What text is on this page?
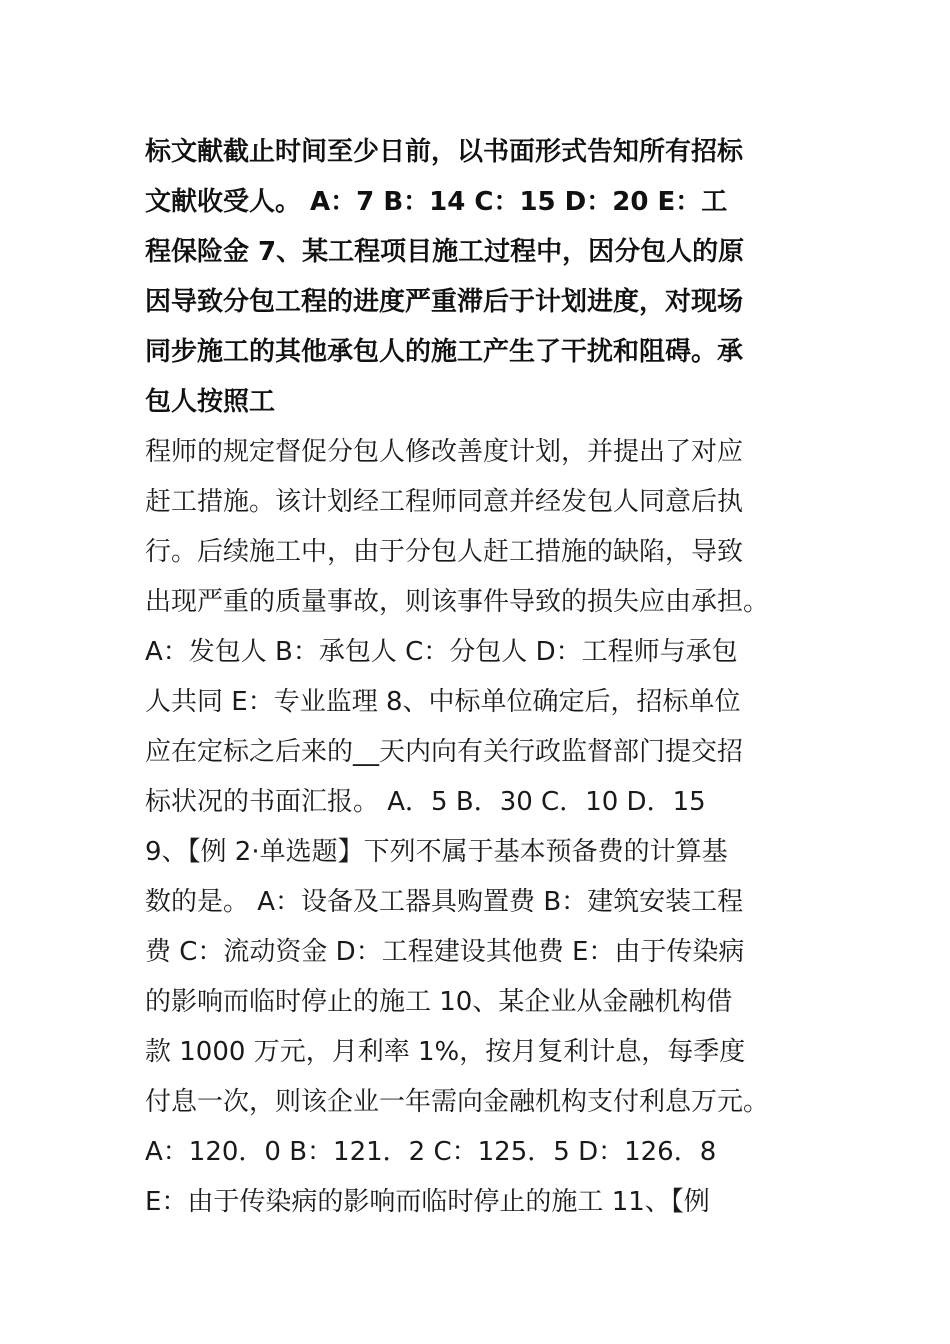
标文献截止时间至少日前，以书面形式告知所有招标
文献收受人。 A：7 B：14 C：15 D：20 E：工
程保险金 7、某工程项目施工过程中，因分包人的原
因导致分包工程的进度严重滞后于计划进度，对现场
同步施工的其他承包人的施工产生了干扰和阻碍。承
包人按照工
程师的规定督促分包人修改善度计划，并提出了对应
赶工措施。该计划经工程师同意并经发包人同意后执
行。后续施工中，由于分包人赶工措施的缺陷，导致
出现严重的质量事故，则该事件导致的损失应由承担。
A：发包人 B：承包人 C：分包人 D：工程师与承包
人共同 E：专业监理 8、中标单位确定后，招标单位
应在定标之后来的__天内向有关行政监督部门提交招
标状况的书面汇报。 A．5 B．30 C．10 D．15
9、【例 2·单选题】下列不属于基本预备费的计算基
数的是。 A：设备及工器具购置费 B：建筑安装工程
费 C：流动资金 D：工程建设其他费 E：由于传染病
的影响而临时停止的施工 10、某企业从金融机构借
款 1000 万元，月利率 1%，按月复利计息，每季度
付息一次，则该企业一年需向金融机构支付利息万元。
A：120．0 B：121．2 C：125．5 D：126．8
E：由于传染病的影响而临时停止的施工 11、【例
